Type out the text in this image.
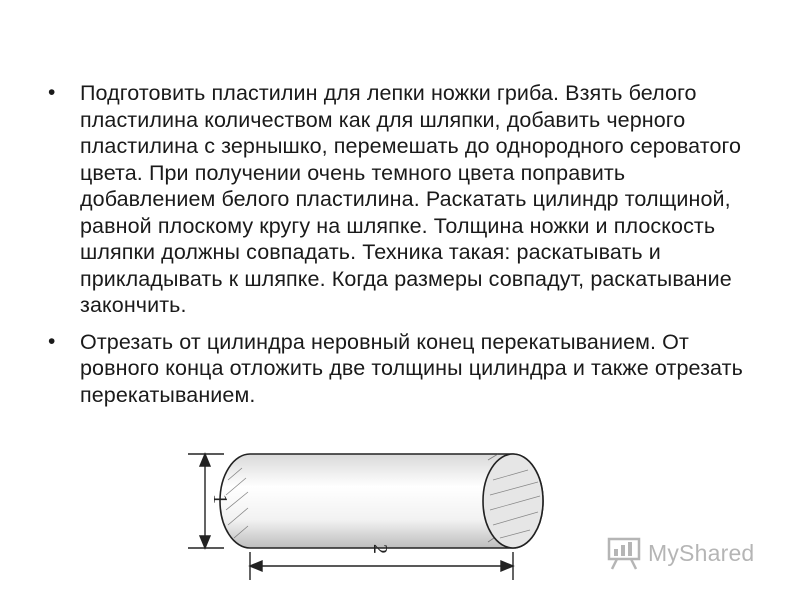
• Подготовить пластилин для лепки ножки гриба. Взять белого пластилина количеством как для шляпки, добавить черного пластилина с зернышко, перемешать до однородного сероватого цвета. При получении очень темного цвета поправить добавлением белого пластилина. Раскатать цилиндр толщиной, равной плоскому кругу на шляпке. Толщина ножки и плоскость шляпки должны совпадать. Техника такая: раскатывать и прикладывать к шляпке. Когда размеры совпадут, раскатывание закончить.
• Отрезать от цилиндра неровный конец перекатыванием. От ровного конца отложить две толщины цилиндра и также отрезать перекатыванием.
1
2	MyShared
